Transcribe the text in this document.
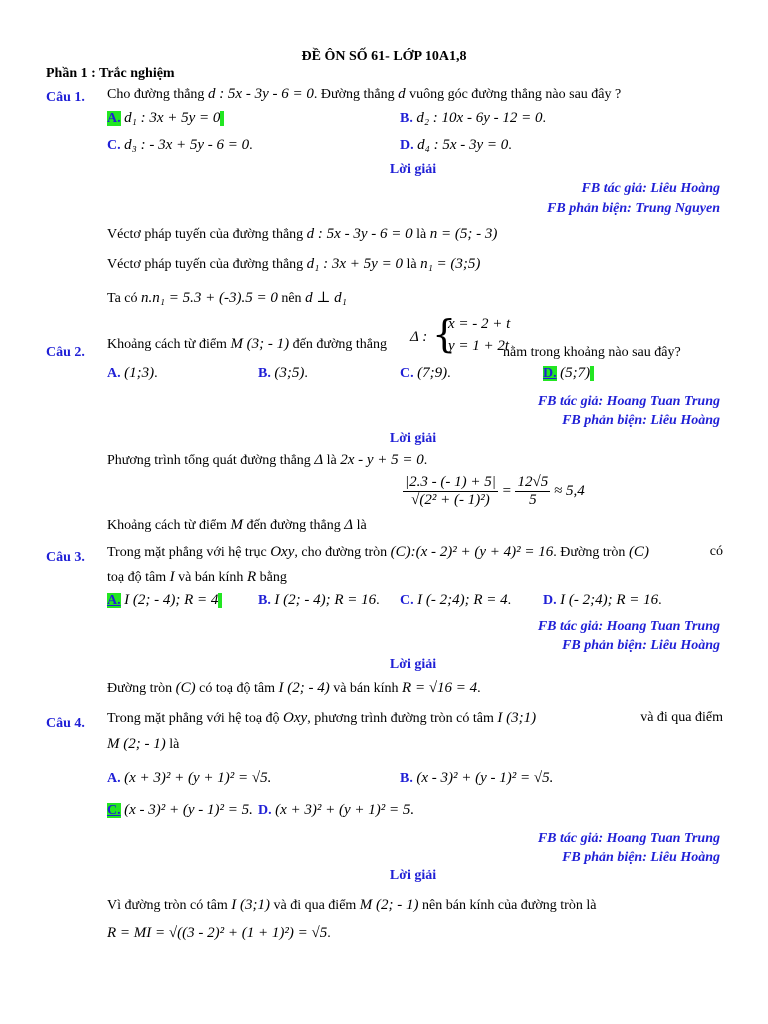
ĐỀ ÔN SỐ 61- LỚP 10A1,8
Phần 1 : Trắc nghiệm
Câu 1. Cho đường thẳng d : 5x - 3y - 6 = 0. Đường thẳng d vuông góc đường thẳng nào sau đây ?
A. d₁ : 3x + 5y = 0	B. d₂ : 10x - 6y - 12 = 0.
C. d₃ : - 3x + 5y - 6 = 0.	D. d₄ : 5x - 3y = 0.
Lời giải
FB tác giả: Liêu Hoàng
FB phản biện: Trung Nguyen
Véctơ pháp tuyến của đường thẳng d : 5x - 3y - 6 = 0 là n = (5; - 3)
Véctơ pháp tuyến của đường thẳng d₁ : 3x + 5y = 0 là n₁ = (3;5)
Ta có n.n₁ = 5.3 + (-3).5 = 0 nên d ⊥ d₁
Câu 2.
Khoảng cách từ điểm M (3; - 1) đến đường thẳng Δ : {
x = - 2 + t
y = 1 + 2t
nằm trong khoảng nào sau đây?
A. (1;3).	B. (3;5).	C. (7;9).	D. (5;7)
FB tác giả: Hoang Tuan Trung
FB phản biện: Liêu Hoàng
Lời giải
Phương trình tổng quát đường thẳng Δ là 2x - y + 5 = 0.
Khoảng cách từ điểm M đến đường thẳng Δ là
$\frac{|2.3 - (- 1) + 5|}{\text{√(2² + (- 1)²)}} = \frac{12√5}{5} \approx 5,4$
Câu 3. Trong mặt phẳng với hệ trục Oxy, cho đường tròn (C):(x - 2)² + (y + 4)² = 16. Đường tròn (C)	có
toạ độ tâm I và bán kính R bằng
A. I (2; - 4); R = 4	B. I (2; - 4); R = 16. C. I (- 2;4); R = 4. D. I (- 2;4); R = 16.
FB tác giả: Hoang Tuan Trung
FB phản biện: Liêu Hoàng
Lời giải
Đường tròn (C) có toạ độ tâm I (2; - 4) và bán kính R = √16 = 4.
Câu 4. Trong mặt phẳng với hệ toạ độ Oxy, phương trình đường tròn có tâm I (3;1)	và đi qua điểm
M (2; - 1) là
A. (x + 3)² + (y + 1)² = √5.	B. (x - 3)² + (y - 1)² = √5.
C. (x - 3)² + (y - 1)² = 5. D. (x + 3)² + (y + 1)² = 5.
FB tác giả: Hoang Tuan Trung
FB phản biện: Liêu Hoàng
Lời giải
Vì đường tròn có tâm I (3;1) và đi qua điểm M (2; - 1) nên bán kính của đường tròn là
R = MI = √((3 - 2)² + (1 + 1)²) = √5.
